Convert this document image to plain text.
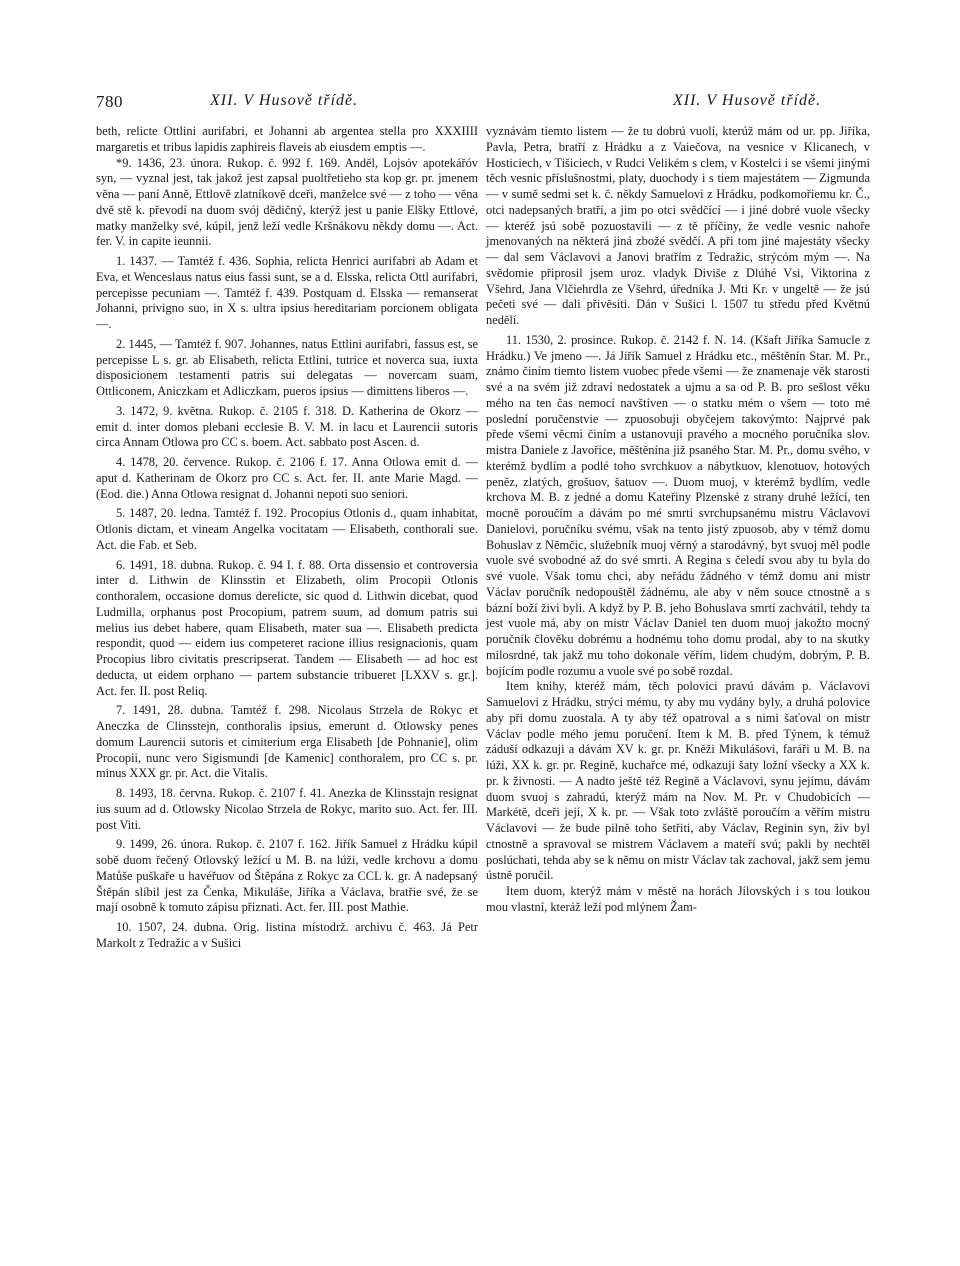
780	XII. V Husově třídě.	XII. V Husově třídě.

beth, relicte Ottlini aurifabri, et Johanni ab argentea stella pro XXXIIII margaretis et tribus lapidis zaphireis flaveis ab eiusdem emptis —.

*9. 1436, 23. února. Rukop. č. 992 f. 169. Anděl, Lojsóv apotekářóv syn, — vyznal jest, tak jakož jest zapsal puoltřetieho sta kop gr. pr. jmenem věna — paní Anně, Ettlově zlatníkově dceři, manželce své — z toho — věna dvě stě k. převodí na duom svój dědičný, kterýž jest u panie Elšky Ettlové, matky manželky své, kúpil, jenž leží vedle Kršnákovu někdy domu —. Act. fer. V. in capite ieunnii.

1. 1437. — Tamtéž f. 436. Sophia, relicta Henrici aurifabri ab Adam et Eva, et Wenceslaus natus eius fassi sunt, se a d. Elsska, relicta Ottl aurifabri, percepisse pecuniam —. Tamtéž f. 439. Postquam d. Elsska — remanserat Johanni, privigno suo, in X s. ultra ipsius hereditariam porcionem obligata —.

2. 1445, — Tamtéž f. 907. Johannes, natus Ettlini aurifabri, fassus est, se percepisse L s. gr. ab Elisabeth, relicta Ettlini, tutrice et noverca sua, iuxta disposicionem testamenti patris sui delegatas — novercam suam, Ottliconem, Aniczkam et Adliczkam, pueros ipsius — dimittens liberos —.

3. 1472, 9. května. Rukop. č. 2105 f. 318. D. Katherina de Okorz — emit d. inter domos plebani ecclesie B. V. M. in lacu et Laurencii sutoris circa Annam Otlowa pro CC s. boem. Act. sabbato post Ascen. d.

4. 1478, 20. července. Rukop. č. 2106 f. 17. Anna Otlowa emit d. — aput d. Katherinam de Okorz pro CC s. Act. fer. II. ante Marie Magd. — (Eod. die.) Anna Otlowa resignat d. Johanni nepoti suo seniori.

5. 1487, 20. ledna. Tamtéž f. 192. Procopius Otlonis d., quam inhabitat, Otlonis dictam, et vineam Angelka vocitatam — Elisabeth, conthorali sue. Act. die Fab. et Seb.

6. 1491, 18. dubna. Rukop. č. 94 I. f. 88. Orta dissensio et controversia inter d. Lithwin de Klinsstin et Elizabeth, olim Procopii Otlonis conthoralem, occasione domus derelicte, sic quod d. Lithwin dicebat, quod Ludmilla, orphanus post Procopium, patrem suum, ad domum patris sui melius ius debet habere, quam Elisabeth, mater sua —. Elisabeth predicta respondit, quod — eidem ius competeret racione illius resignacionis, quam Procopius libro civitatis prescripserat. Tandem — Elisabeth — ad hoc est deducta, ut eidem orphano — partem substancie tribueret [LXXV s. gr.]. Act. fer. II. post Reliq.

7. 1491, 28. dubna. Tamtéž f. 298. Nicolaus Strzela de Rokyc et Aneczka de Clinsstejn, conthoralis ipsius, emerunt d. Otlowsky penes domum Laurencii sutoris et cimiterium erga Elisabeth [de Pohnanie], olim Procopii, nunc vero Sigismundi [de Kamenic] conthoralem, pro CC s. pr. minus XXX gr. pr. Act. die Vitalis.

8. 1493, 18. června. Rukop. č. 2107 f. 41. Anezka de Klinsstajn resignat ius suum ad d. Otlowsky Nicolao Strzela de Rokyc, marito suo. Act. fer. III. post Viti.

9. 1499, 26. února. Rukop. č. 2107 f. 162. Jiřík Samuel z Hrádku kúpil sobě duom řečený Otlovský ležící u M. B. na lúži, vedle krchovu a domu Matůše puškaře u havéřuov od Štěpána z Rokyc za CCL k. gr. A nadepsaný Štěpán slíbil jest za Čenka, Mikuláše, Jiříka a Václava, bratřie své, že se mají osobně k tomuto zápisu přiznati. Act. fer. III. post Mathie.

10. 1507, 24. dubna. Orig. listina místodrž. archivu č. 463. Já Petr Markolt z Tedražic a v Sušici

vyznávám tiemto listem — že tu dobrú vuolí, kterúž mám od ur. pp. Jiříka, Pavla, Petra, bratří z Hrádku a z Vaiečova, na vesnice v Klicanech, v Hosticiech, v Tišiciech, v Rudci Velikém s clem, v Kostelci i se všemi jinými těch vesnic příslušnostmi, platy, duochody i s tiem majestátem — Zigmunda — v sumě sedmi set k. č. někdy Samuelovi z Hrádku, podkomořiemu kr. Č., otci nadepsaných bratří, a jim po otci svědčící — i jiné dobré vuole všecky — kteréž jsú sobě pozuostavili — z tě příčiny, že vedle vesnic nahoře jmenovaných na některá jiná zbožé svědčí. A při tom jiné majestáty všecky — dal sem Václavovi a Janovi bratřím z Tedražic, strýcóm mým —. Na svědomie připrosil jsem uroz. vladyk Diviše z Dlúhé Vsi, Viktorina z Všehrd, Jana Vlčiehrdla ze Všehrd, úředníka J. Mti Kr. v ungeltě — že jsú pečeti své — dali přivěsiti. Dán v Sušici l. 1507 tu středu před Květnú nedělí.

11. 1530, 2. prosince. Rukop. č. 2142 f. N. 14. (Kšaft Jiříka Samucle z Hrádku.) Ve jmeno —. Já Jiřík Samuel z Hrádku etc., měštěnín Star. M. Pr., známo činím tiemto listem vuobec přede všemi — že znamenaje věk starosti své a na svém již zdraví nedostatek a ujmu a sa od P. B. pro sešlost věku mého na ten čas nemocí navštíven — o statku mém o všem — toto mé poslední poručenstvie — zpuosobuji obyčejem takovýmto: Najprvé pak přede všemi věcmi činím a ustanovuji pravého a mocného poručníka slov. mistra Daniele z Javořice, měštěnína již psaného Star. M. Pr., domu svého, v kterémž bydlím a podlé toho svrchkuov a nábytkuov, klenotuov, hotových peněz, zlatých, grošuov, šatuov —. Duom muoj, v kterémž bydlím, vedle krchova M. B. z jedné a domu Kateřiny Plzenské z strany druhé ležící, ten mocně poroučím a dávám po mé smrti svrchupsanému mistru Václavovi Danielovi, poručníku svému, však na tento jistý zpuosob, aby v témž domu Bohuslav z Němčic, služebník muoj věrný a starodávný, byt svuoj měl podle vuole své svobodné až do své smrti. A Regina s čeledí svou aby tu byla do své vuole. Však tomu chci, aby neřádu žádného v témž domu ani mistr Václav poručník nedopouštěl žádnému, ale aby v něm souce ctnostně a s bázní boží živi byli. A když by P. B. jeho Bohuslava smrtí zachvátil, tehdy ta jest vuole má, aby on mistr Václav Daniel ten duom muoj jakožto mocný poručník člověku dobrému a hodnému toho domu prodal, aby to na skutky milosrdné, tak jakž mu toho dokonale věřím, lidem chudým, dobrým, P. B. bojícím podle rozumu a vuole své po sobě rozdal.

Item knihy, kteréž mám, těch polovici pravú dávám p. Václavovi Samuelovi z Hrádku, strýci mému, ty aby mu vydány byly, a druhá polovice aby při domu zuostala. A ty aby též opatroval a s nimi šaťoval on mistr Václav podle mého jemu poručení. Item k M. B. před Týnem, k témuž záduší odkazuji a dávám XV k. gr. pr. Kněži Mikulášovi, faráři u M. B. na lúži, XX k. gr. pr. Regině, kuchařce mé, odkazuji šaty ložní všecky a XX k. pr. k živnosti. — A nadto ještě též Regině a Václavovi, synu jejímu, dávám duom svuoj s zahradú, kterýž mám na Nov. M. Pr. v Chudobicích — Markétě, dceři její, X k. pr. — Však toto zvláště poroučím a věřím mistru Václavovi — že bude pilně toho šetřiti, aby Václav, Reginin syn, živ byl ctnostně a spravoval se mistrem Václavem a mateří svú; pakli by nechtěl poslúchati, tehda aby se k němu on mistr Václav tak zachoval, jakž sem jemu ústně poručil.

Item duom, kterýž mám v městě na horách Jílovských i s tou loukou mou vlastní, kteráž leží pod mlýnem Žam-
